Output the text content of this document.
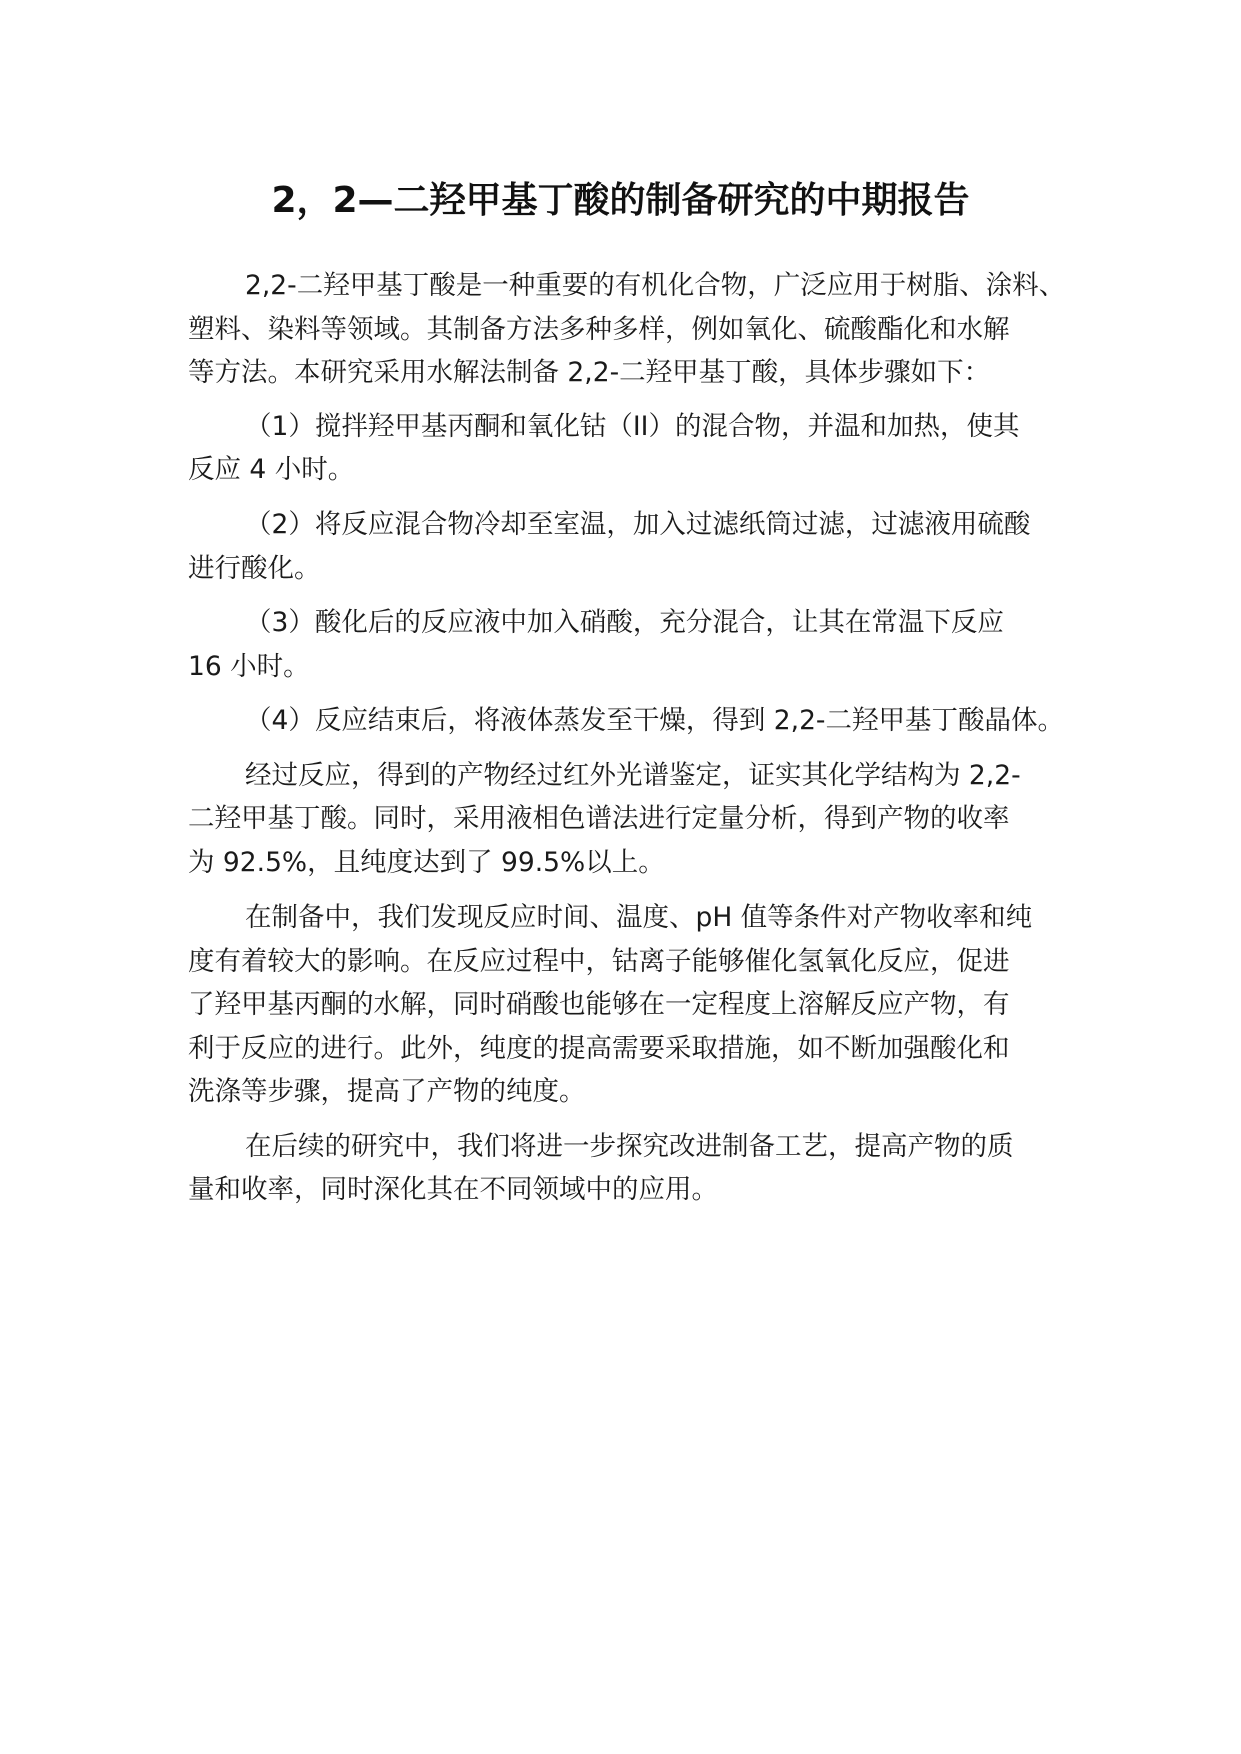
2，2—二羟甲基丁酸的制备研究的中期报告
2,2-二羟甲基丁酸是一种重要的有机化合物，广泛应用于树脂、涂料、
塑料、染料等领域。其制备方法多种多样，例如氧化、硫酸酯化和水解
等方法。本研究采用水解法制备 2,2-二羟甲基丁酸，具体步骤如下：
（1）搅拌羟甲基丙酮和氧化钴（II）的混合物，并温和加热，使其
反应 4 小时。
（2）将反应混合物冷却至室温，加入过滤纸筒过滤，过滤液用硫酸
进行酸化。
（3）酸化后的反应液中加入硝酸，充分混合，让其在常温下反应
16 小时。
（4）反应结束后，将液体蒸发至干燥，得到 2,2-二羟甲基丁酸晶体。
经过反应，得到的产物经过红外光谱鉴定，证实其化学结构为 2,2-
二羟甲基丁酸。同时，采用液相色谱法进行定量分析，得到产物的收率
为 92.5%，且纯度达到了 99.5%以上。
在制备中，我们发现反应时间、温度、pH 值等条件对产物收率和纯
度有着较大的影响。在反应过程中，钴离子能够催化氢氧化反应，促进
了羟甲基丙酮的水解，同时硝酸也能够在一定程度上溶解反应产物，有
利于反应的进行。此外，纯度的提高需要采取措施，如不断加强酸化和
洗涤等步骤，提高了产物的纯度。
在后续的研究中，我们将进一步探究改进制备工艺，提高产物的质
量和收率，同时深化其在不同领域中的应用。
